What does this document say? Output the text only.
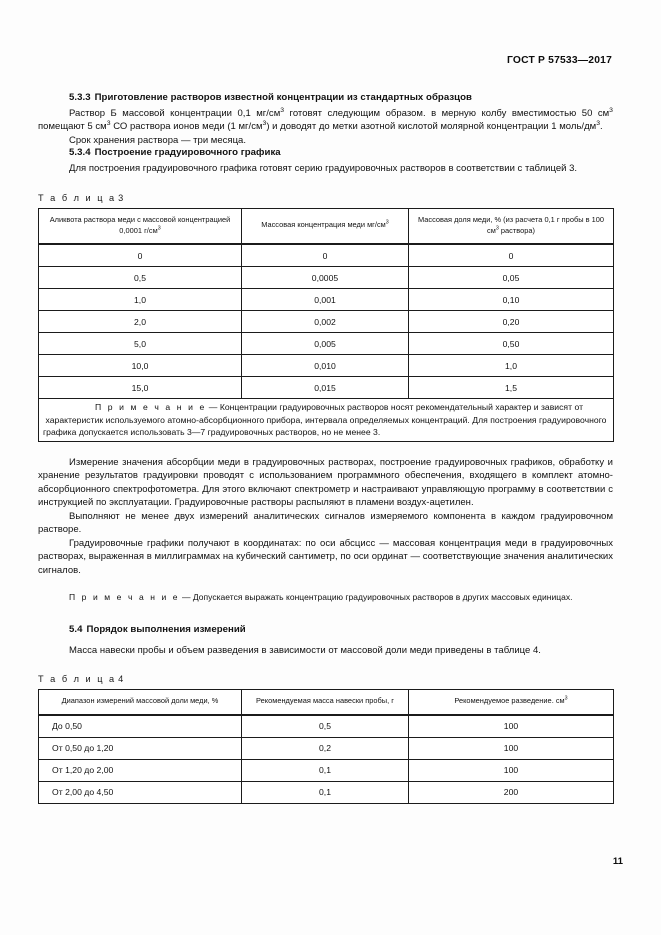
ГОСТ Р 57533—2017
5.3.3 Приготовление растворов известной концентрации из стандартных образцов

Раствор Б массовой концентрации 0,1 $мг/см^3$ готовят следующим образом. в мерную колбу вместимостью 50 $см^3$ помещают 5 $см^3$ СО раствора ионов меди (1 $мг/см^3$) и доводят до метки азотной кислотой молярной концентрации 1 моль/$дм^3$.

Срок хранения раствора — три месяца.

5.3.4 Построение градуировочного графика

Для построения градуировочного графика готовят серию градуировочных растворов в соответствии с таблицей 3.

Т а б л и ц а 3
Аликвота раствора меди с массовой концентрацией 0,0001 $г/см^3$	Массовая концентрация меди $мг/см^3$	Массовая доля меди, % (из расчета 0,1 г пробы в 100 $см^3$ раствора)
0	0	0
0,5	0,0005	0,05
1,0	0,001	0,10
2,0	0,002	0,20
5,0	0,005	0,50
10,0	0,010	1,0
15,0	0,015	1,5
П р и м е ч а н и е — Концентрации градуировочных растворов носят рекомендательный характер и зависят от характеристик используемого атомно-абсорбционного прибора, интервала определяемых концентраций. Для построения градуировочного графика допускается использовать 3—7 градуировочных растворов, но не менее 3.		

Измерение значения абсорбции меди в градуировочных растворах, построение градуировочных графиков, обработку и хранение результатов градуировки проводят с использованием программного обеспечения, входящего в комплект атомно-абсорбционного спектрофотометра. Для этого включают спектрометр и настраивают управляющую программу в соответствии с инструкцией по эксплуатации. Градуировочные растворы распыляют в пламени воздух-ацетилен.

Выполняют не менее двух измерений аналитических сигналов измеряемого компонента в каждом градуировочном растворе.

Градуировочные графики получают в координатах: по оси абсцисс — массовая концентрация меди в градуировочных растворах, выраженная в миллиграммах на кубический сантиметр, по оси ординат — соответствующие значения аналитических сигналов.

П р и м е ч а н и е — Допускается выражать концентрацию градуировочных растворов в других массовых единицах.

5.4 Порядок выполнения измерений

Масса навески пробы и объем разведения в зависимости от массовой доли меди приведены в таблице 4.

Т а б л и ц а 4
Диапазон измерений массовой доли меди, %	Рекомендуемая масса навески пробы, г	Рекомендуемое разведение. $см^3$
До 0,50	0,5	100
От 0,50 до 1,20	0,2	100
От 1,20 до 2,00	0,1	100
От 2,00 до 4,50	0,1	200
11
